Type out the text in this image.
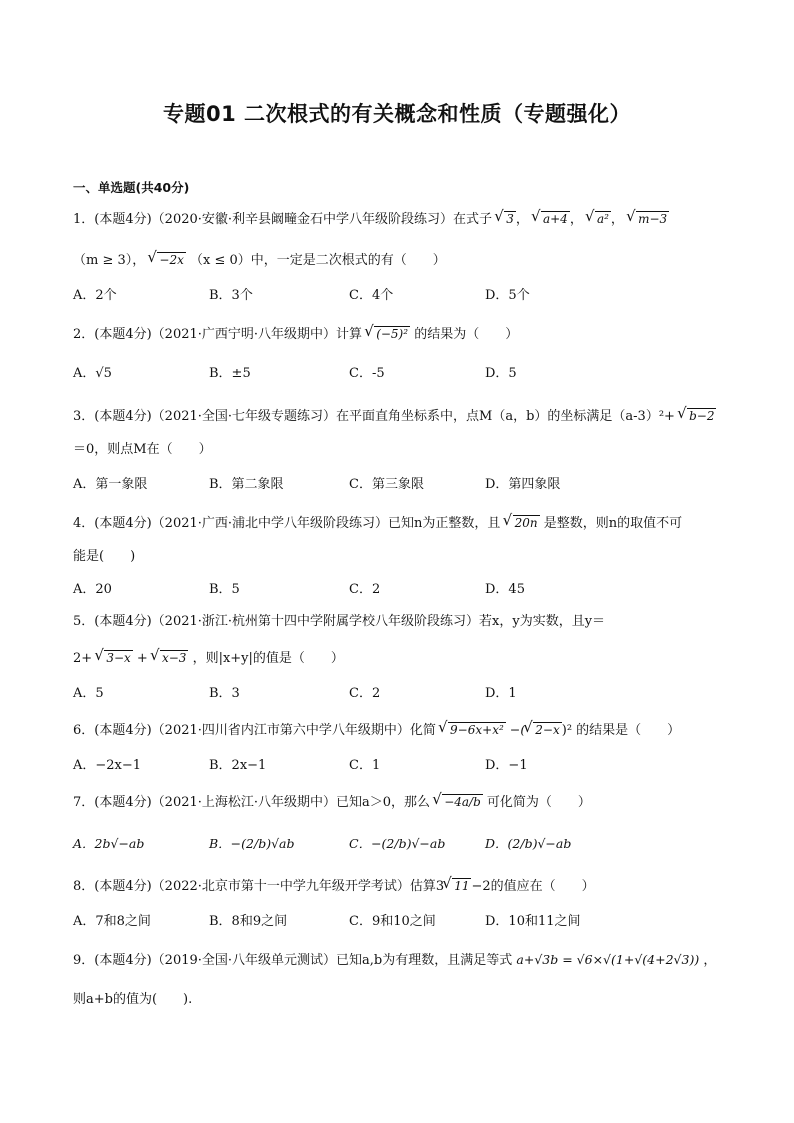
专题01 二次根式的有关概念和性质（专题强化）
一、单选题(共40分)
1．(本题4分)（2020·安徽·利辛县阚疃金石中学八年级阶段练习）在式子 √ 3 ， √ a+4 ， √ a² ， √ m−3
（m ≥ 3）， √ −2x （x ≤ 0）中，一定是二次根式的有（　　）
A．2个	B．3个	C．4个	D．5个
2．(本题4分)（2021·广西宁明·八年级期中）计算 √ (−5)² 的结果为（　　）
A．√5	B．±5	C．-5	D．5
3．(本题4分)（2021·全国·七年级专题练习）在平面直角坐标系中，点M（a，b）的坐标满足（a-3）²+ √ b−2
＝0，则点M在（　　）
A．第一象限	B．第二象限	C．第三象限	D．第四象限
4．(本题4分)（2021·广西·浦北中学八年级阶段练习）已知n为正整数，且 √ 20n 是整数，则n的取值不可
能是(　　)
A．20	B．5	C．2	D．45
5．(本题4分)（2021·浙江·杭州第十四中学附属学校八年级阶段练习）若x，y为实数，且y＝
2+ √ 3−x + √ x−3 ，则|x+y|的值是（　　）
A．5	B．3	C．2	D．1
6．(本题4分)（2021·四川省内江市第六中学八年级期中）化简 √ 9−6x+x² −( √ 2−x )² 的结果是（　　）
A．−2x−1	B．2x−1	C．1	D．−1
7．(本题4分)（2021·上海松江·八年级期中）已知a＞0，那么 √ −4a/b 可化简为（　　）
A．2b√−ab	B．−(2/b)√ab	C．−(2/b)√−ab	D．(2/b)√−ab
8．(本题4分)（2022·北京市第十一中学九年级开学考试）估算3 √ 11 −2的值应在（　　）
A．7和8之间	B．8和9之间	C．9和10之间	D．10和11之间
9．(本题4分)（2019·全国·八年级单元测试）已知a,b为有理数，且满足等式 a+√3b = √6×√(1+√(4+2√3)) ，
则a+b的值为(　　).
